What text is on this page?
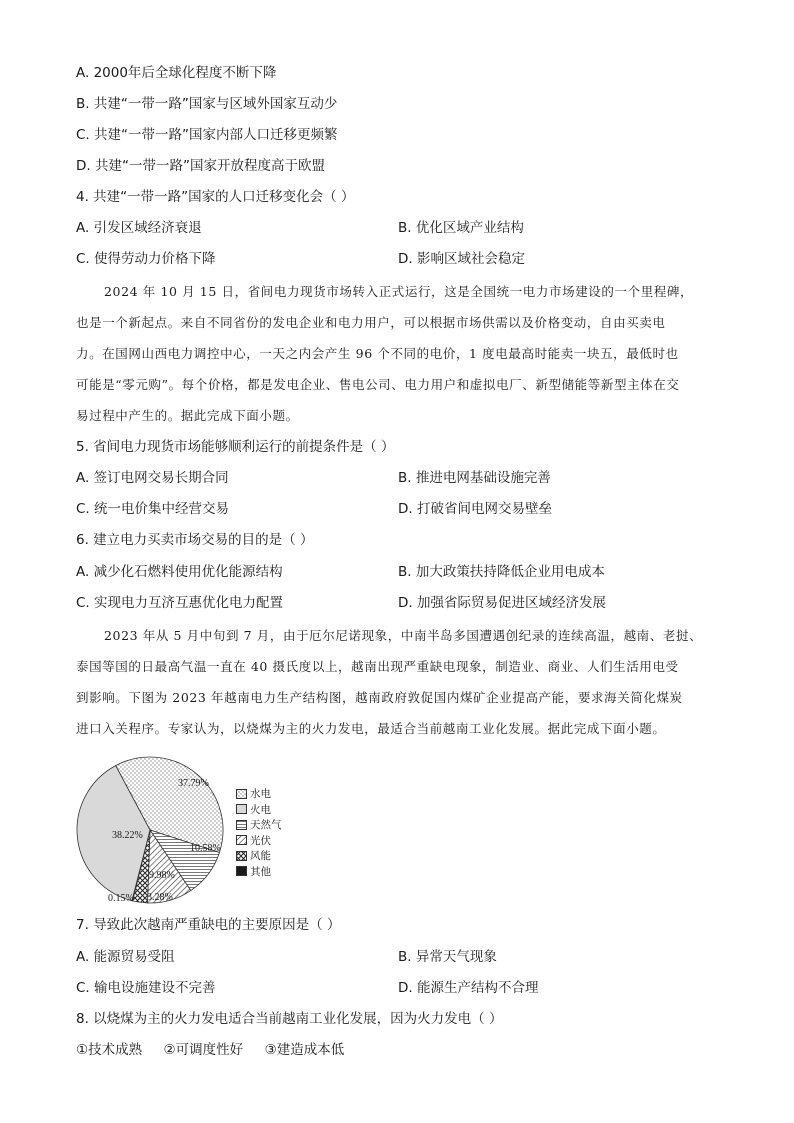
A. 2000年后全球化程度不断下降
B. 共建“一带一路”国家与区域外国家互动少
C. 共建“一带一路”国家内部人口迁移更频繁
D. 共建“一带一路”国家开放程度高于欧盟
4. 共建“一带一路”国家的人口迁移变化会（ ）
A. 引发区域经济衰退	B. 优化区域产业结构
C. 使得劳动力价格下降	D. 影响区域社会稳定
2024 年 10 月 15 日，省间电力现货市场转入正式运行，这是全国统一电力市场建设的一个里程碑，
也是一个新起点。来自不同省份的发电企业和电力用户，可以根据市场供需以及价格变动，自由买卖电
力。在国网山西电力调控中心，一天之内会产生 96 个不同的电价，1 度电最高时能卖一块五，最低时也
可能是“零元购”。每个价格，都是发电企业、售电公司、电力用户和虚拟电厂、新型储能等新型主体在交
易过程中产生的。据此完成下面小题。
5. 省间电力现货市场能够顺利运行的前提条件是（ ）
A. 签订电网交易长期合同	B. 推进电网基础设施完善
C. 统一电价集中经营交易	D. 打破省间电网交易壁垒
6. 建立电力买卖市场交易的目的是（ ）
A. 减少化石燃料使用优化能源结构	B. 加大政策扶持降低企业用电成本
C. 实现电力互济互惠优化电力配置	D. 加强省际贸易促进区域经济发展
2023 年从 5 月中旬到 7 月，由于厄尔尼诺现象，中南半岛多国遭遇创纪录的连续高温，越南、老挝、
泰国等国的日最高气温一直在 40 摄氏度以上，越南出现严重缺电现象，制造业、商业、人们生活用电受
到影响。下图为 2023 年越南电力生产结构图，越南政府敦促国内煤矿企业提高产能，要求海关简化煤炭
进口入关程序。专家认为，以烧煤为主的火力发电，最适合当前越南工业化发展。据此完成下面小题。
37.79%
10.58%
9.98%
3.28%
0.15%
38.22%
水电
火电
天然气
光伏
风能
其他
7. 导致此次越南严重缺电的主要原因是（ ）
A. 能源贸易受阻	B. 异常天气现象
C. 输电设施建设不完善	D. 能源生产结构不合理
8. 以烧煤为主的火力发电适合当前越南工业化发展，因为火力发电（ ）
①技术成熟     ②可调度性好     ③建造成本低
